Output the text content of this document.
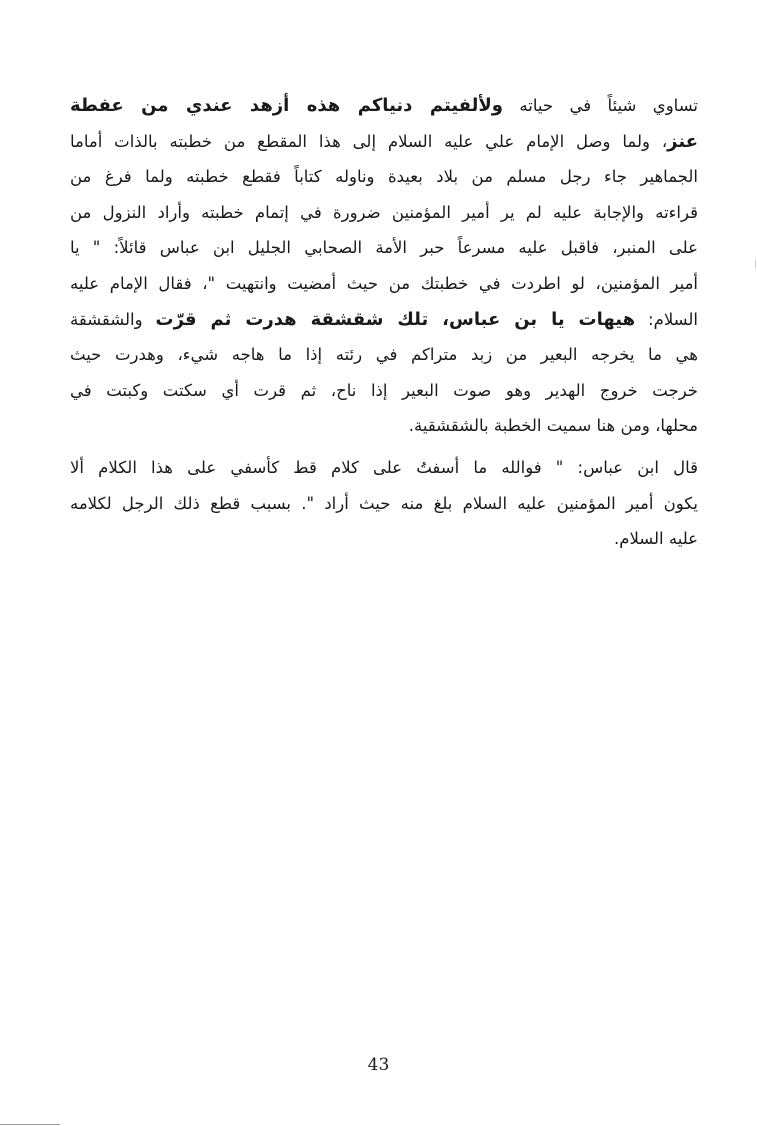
تساوي شيئاً في حياته ولألفيتم دنياكم هذه أزهد عندي من عفطة
عنز، ولما وصل الإمام علي عليه السلام إلى هذا المقطع من خطبته بالذات أماما
الجماهير جاء رجل مسلم من بلاد بعيدة وناوله كتاباً فقطع خطبته ولما فرغ من
قراءته والإجابة عليه لم ير أمير المؤمنين ضرورة في إتمام خطبته وأراد النزول من
على المنبر، فاقبل عليه مسرعاً حبر الأمة الصحابي الجليل ابن عباس قائلاً: " يا
أمير المؤمنين، لو اطردت في خطبتك من حيث أمضيت وانتهيت "، فقال الإمام عليه
السلام: هيهات يا بن عباس، تلك شقشقة هدرت ثم قرّت والشقشقة
هي ما يخرجه البعير من زبد متراكم في رئته إذا ما هاجه شيء، وهدرت حيث
خرجت خروج الهدير وهو صوت البعير إذا ناح، ثم قرت أي سكتت وكبتت في
محلها، ومن هنا سميت الخطبة بالشقشقية.
قال ابن عباس: " فوالله ما أسفتُ على كلام قط كأسفي على هذا الكلام ألا
يكون أمير المؤمنين عليه السلام بلغ منه حيث أراد ". بسبب قطع ذلك الرجل لكلامه
عليه السلام.
43
